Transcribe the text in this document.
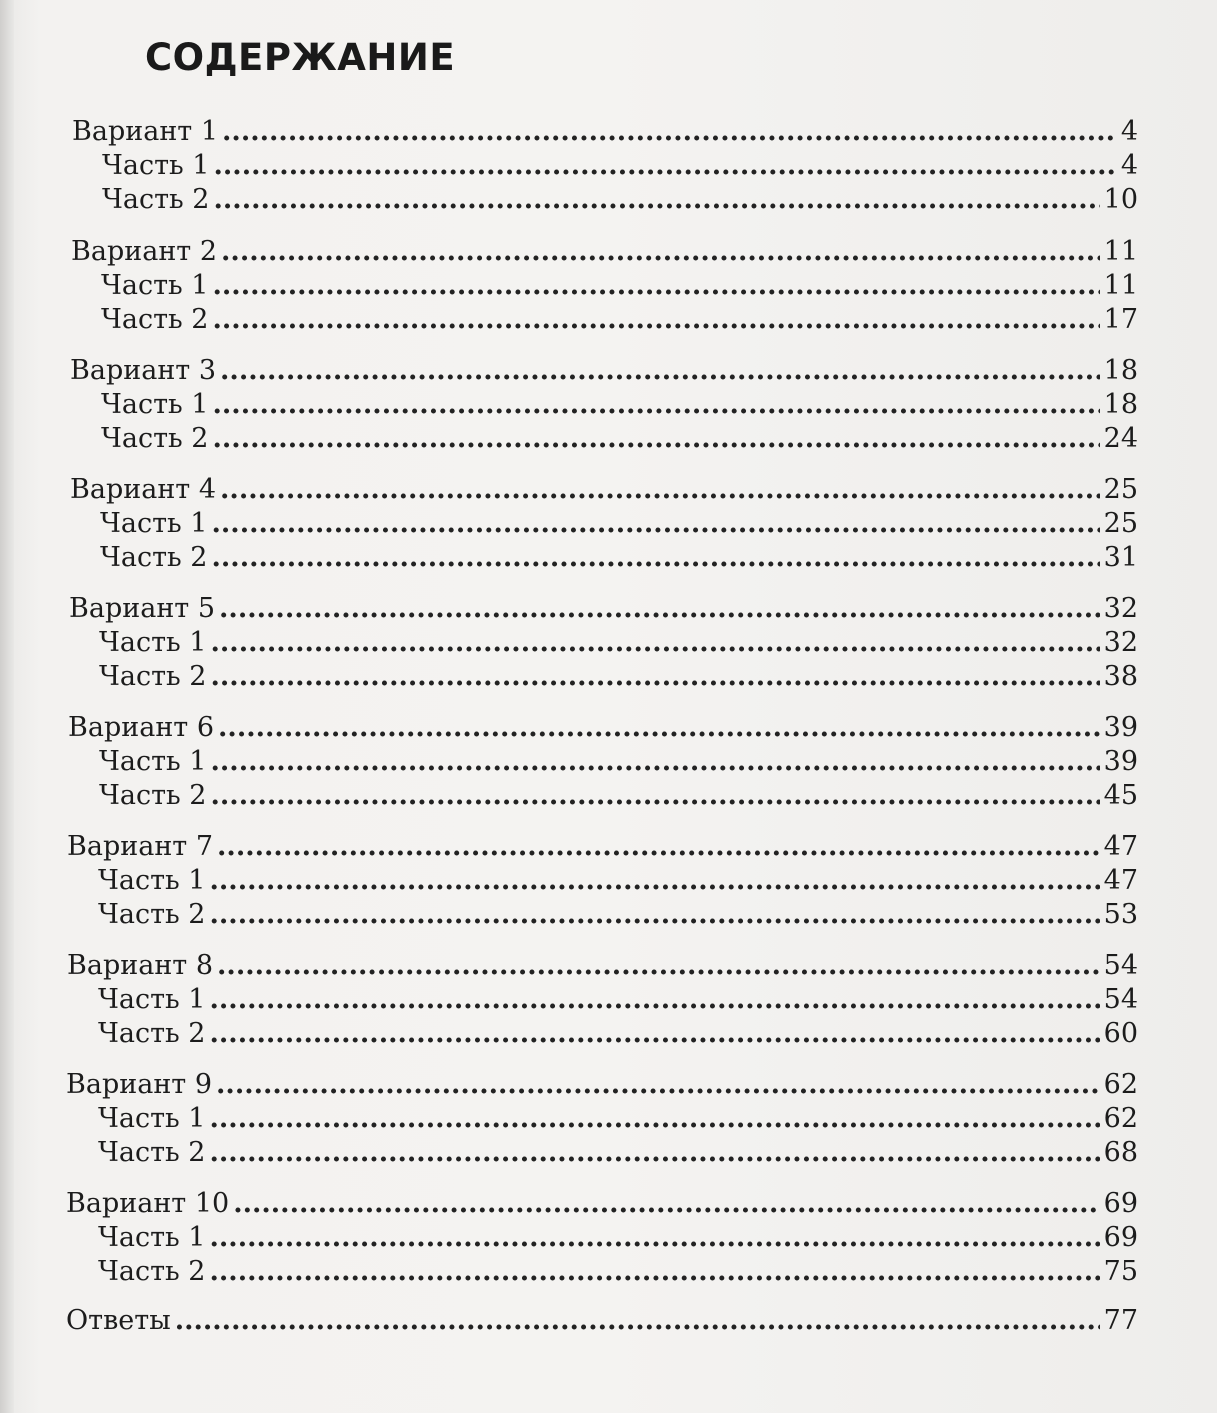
СОДЕРЖАНИЕ
Вариант 1 .....	4
Часть 1 .....	4
Часть 2 .....	10
Вариант 2 .....	11
Часть 1 .....	11
Часть 2 .....	17
Вариант 3 .....	18
Часть 1 .....	18
Часть 2 .....	24
Вариант 4 .....	25
Часть 1 .....	25
Часть 2 .....	31
Вариант 5 .....	32
Часть 1 .....	32
Часть 2 .....	38
Вариант 6 .....	39
Часть 1 .....	39
Часть 2 .....	45
Вариант 7 .....	47
Часть 1 .....	47
Часть 2 .....	53
Вариант 8 .....	54
Часть 1 .....	54
Часть 2 .....	60
Вариант 9 .....	62
Часть 1 .....	62
Часть 2 .....	68
Вариант 10 .....	69
Часть 1 .....	69
Часть 2 .....	75
Ответы .....	77
